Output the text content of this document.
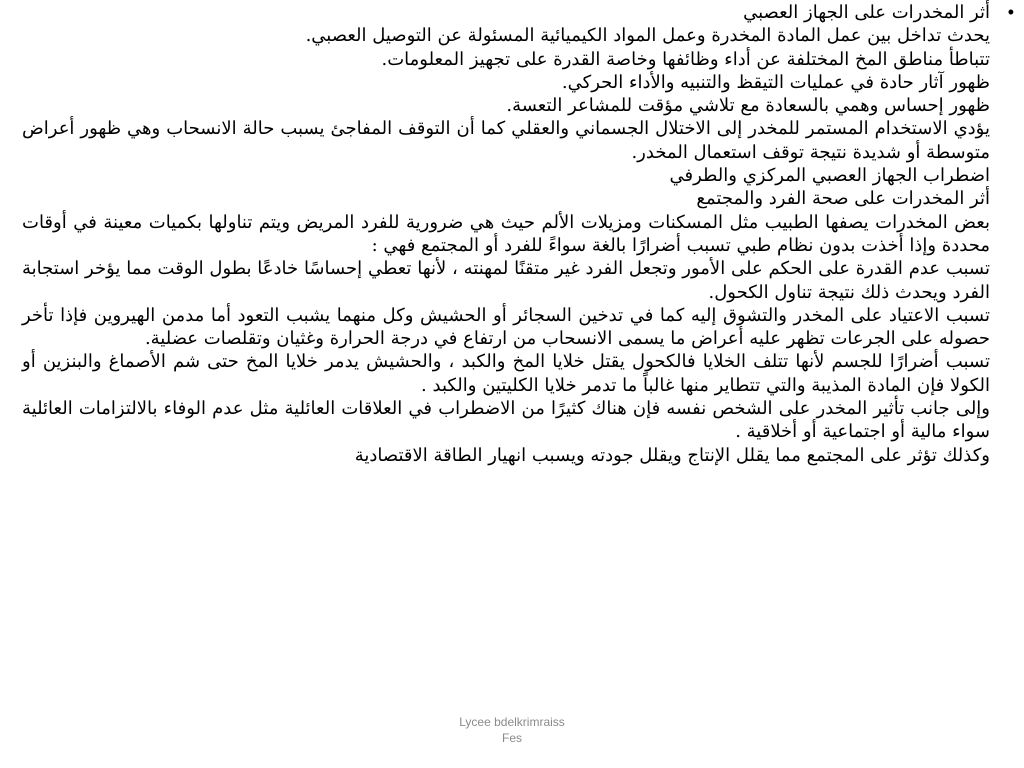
•

أثر المخدرات على الجهاز العصبي

يحدث تداخل بين عمل المادة المخدرة وعمل المواد الكيميائية المسئولة عن التوصيل العصبي.

تتباطأ مناطق المخ المختلفة عن أداء وظائفها وخاصة القدرة على تجهيز المعلومات.

ظهور آثار حادة في عمليات التيقظ والتنبيه والأداء الحركي.

ظهور إحساس وهمي بالسعادة مع تلاشي مؤقت للمشاعر التعسة.

يؤدي الاستخدام المستمر للمخدر إلى الاختلال الجسماني والعقلي كما أن التوقف المفاجئ يسبب حالة الانسحاب وهي ظهور أعراض متوسطة أو شديدة نتيجة توقف استعمال المخدر.

اضطراب الجهاز العصبي المركزي والطرفي

أثر المخدرات على صحة الفرد والمجتمع

بعض المخدرات يصفها الطبيب مثل المسكنات ومزيلات الألم حيث هي ضرورية للفرد المريض ويتم تناولها بكميات معينة في أوقات محددة وإذا أخذت بدون نظام طبي تسبب أضرارًا بالغة سواءً للفرد أو المجتمع فهي :

تسبب عدم القدرة على الحكم على الأمور وتجعل الفرد غير متقنًا لمهنته ، لأنها تعطي إحساسًا خادعًا بطول الوقت مما يؤخر استجابة الفرد ويحدث ذلك نتيجة تناول الكحول.

تسبب الاعتياد على المخدر والتشوق إليه كما في تدخين السجائر أو الحشيش وكل منهما يشبب التعود أما مدمن الهيروين فإذا تأخر حصوله على الجرعات تظهر عليه أعراض ما يسمى الانسحاب من ارتفاع في درجة الحرارة وغثيان وتقلصات عضلية.

تسبب أضرارًا للجسم لأنها تتلف الخلايا فالكحول يقتل خلايا المخ والكبد ، والحشيش يدمر خلايا المخ حتى شم الأصماغ والبنزين أو الكولا فإن المادة المذيبة والتي تتطاير منها غالباً ما تدمر خلايا الكليتين والكبد .

وإلى جانب تأثير المخدر على الشخص نفسه فإن هناك كثيرًا من الاضطراب في العلاقات العائلية مثل عدم الوفاء بالالتزامات العائلية سواء مالية أو اجتماعية أو أخلاقية .

وكذلك تؤثر على المجتمع مما يقلل الإنتاج ويقلل جودته ويسبب انهيار الطاقة الاقتصادية

Lycee bdelkrimraiss
Fes
